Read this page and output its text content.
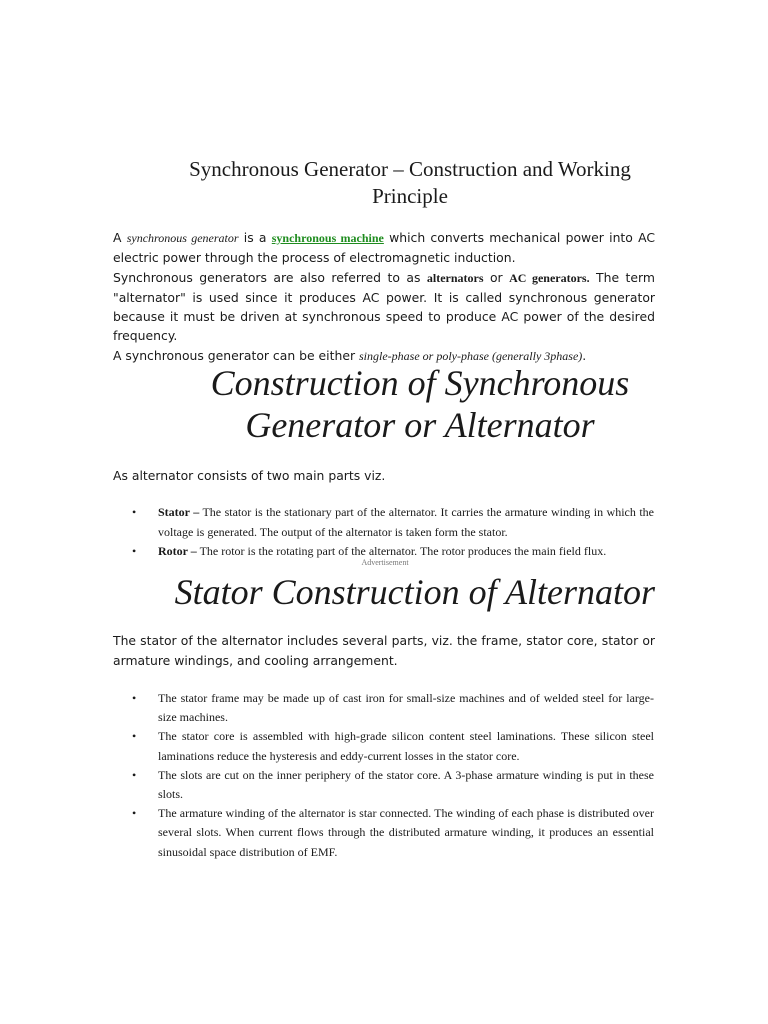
Synchronous Generator – Construction and Working Principle

A synchronous generator is a synchronous machine which converts mechanical power into AC electric power through the process of electromagnetic induction.

Synchronous generators are also referred to as alternators or AC generators. The term "alternator" is used since it produces AC power. It is called synchronous generator because it must be driven at synchronous speed to produce AC power of the desired frequency.

A synchronous generator can be either single-phase or poly-phase (generally 3phase).

Construction of Synchronous Generator or Alternator
As alternator consists of two main parts viz.
• Stator – The stator is the stationary part of the alternator. It carries the armature winding in which the voltage is generated. The output of the alternator is taken form the stator.
• Rotor – The rotor is the rotating part of the alternator. The rotor produces the main field flux.
Advertisement
Stator Construction of Alternator
The stator of the alternator includes several parts, viz. the frame, stator core, stator or armature windings, and cooling arrangement.
• The stator frame may be made up of cast iron for small-size machines and of welded steel for large-size machines.
• The stator core is assembled with high-grade silicon content steel laminations. These silicon steel laminations reduce the hysteresis and eddy-current losses in the stator core.
• The slots are cut on the inner periphery of the stator core. A 3-phase armature winding is put in these slots.
• The armature winding of the alternator is star connected. The winding of each phase is distributed over several slots. When current flows through the distributed armature winding, it produces an essential sinusoidal space distribution of EMF.
